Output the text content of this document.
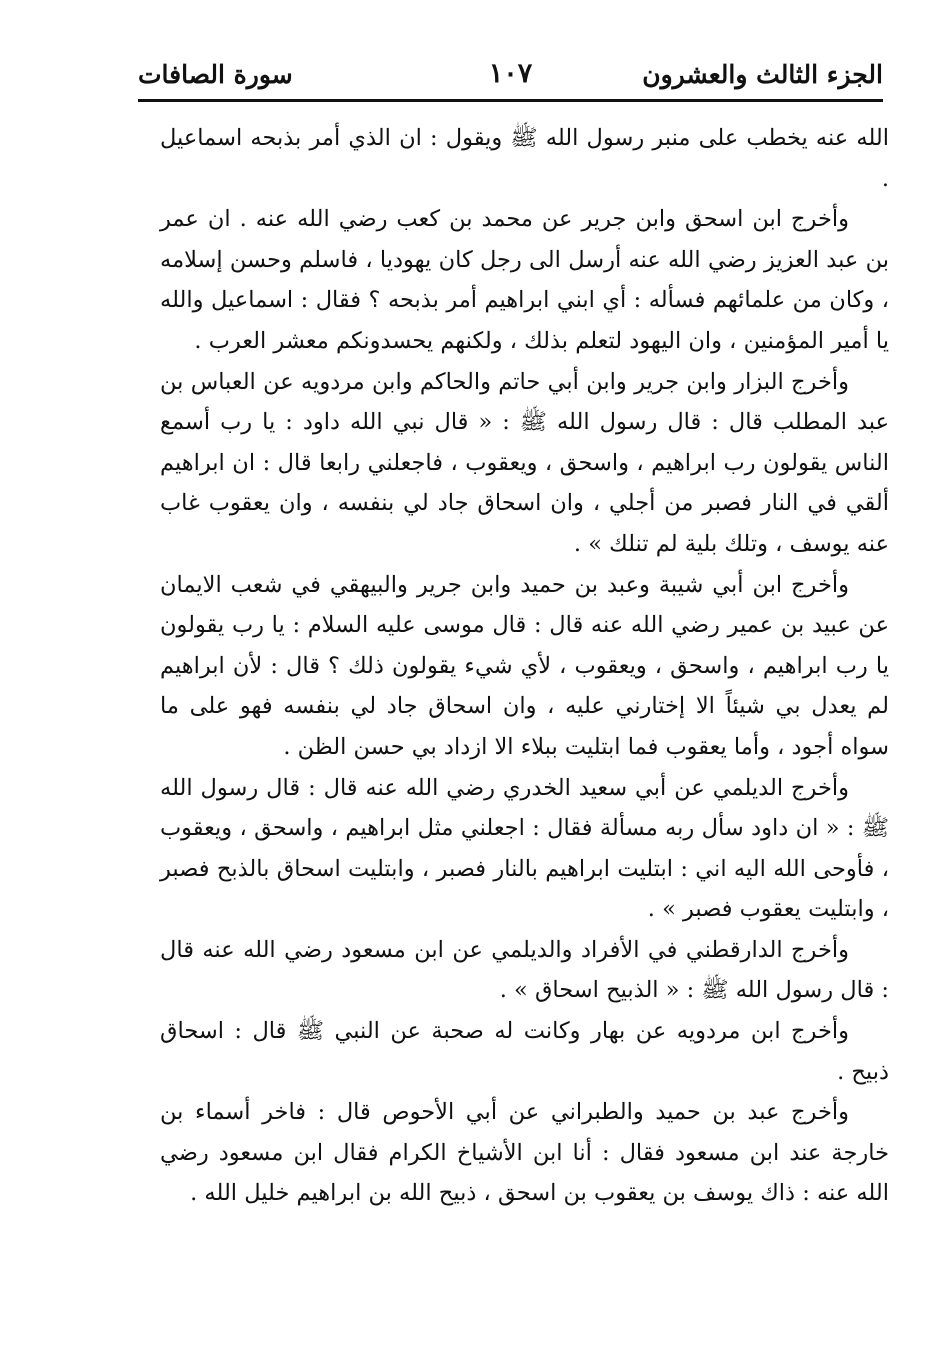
الجزء الثالث والعشرون
١٠٧
سورة الصافات

الله عنه يخطب على منبر رسول الله ﷺ ويقول : ان الذي أمر بذبحه اسماعيل .

وأخرج ابن اسحق وابن جرير عن محمد بن كعب رضي الله عنه . ان عمر بن عبد العزيز رضي الله عنه أرسل الى رجل كان يهوديا ، فاسلم وحسن إسلامه ، وكان من علمائهم فسأله : أي ابني ابراهيم أمر بذبحه ؟ فقال : اسماعيل والله يا أمير المؤمنين ، وان اليهود لتعلم بذلك ، ولكنهم يحسدونكم معشر العرب .

وأخرج البزار وابن جرير وابن أبي حاتم والحاكم وابن مردويه عن العباس بن عبد المطلب قال : قال رسول الله ﷺ : « قال نبي الله داود : يا رب أسمع الناس يقولون رب ابراهيم ، واسحق ، ويعقوب ، فاجعلني رابعا قال : ان ابراهيم ألقي في النار فصبر من أجلي ، وان اسحاق جاد لي بنفسه ، وان يعقوب غاب عنه يوسف ، وتلك بلية لم تنلك » .

وأخرج ابن أبي شيبة وعبد بن حميد وابن جرير والبيهقي في شعب الايمان عن عبيد بن عمير رضي الله عنه قال : قال موسى عليه السلام : يا رب يقولون يا رب ابراهيم ، واسحق ، ويعقوب ، لأي شيء يقولون ذلك ؟ قال : لأن ابراهيم لم يعدل بي شيئاً الا إختارني عليه ، وان اسحاق جاد لي بنفسه فهو على ما سواه أجود ، وأما يعقوب فما ابتليت ببلاء الا ازداد بي حسن الظن .

وأخرج الديلمي عن أبي سعيد الخدري رضي الله عنه قال : قال رسول الله ﷺ : « ان داود سأل ربه مسألة فقال : اجعلني مثل ابراهيم ، واسحق ، ويعقوب ، فأوحى الله اليه اني : ابتليت ابراهيم بالنار فصبر ، وابتليت اسحاق بالذبح فصبر ، وابتليت يعقوب فصبر » .

وأخرج الدارقطني في الأفراد والديلمي عن ابن مسعود رضي الله عنه قال : قال رسول الله ﷺ : « الذبيح اسحاق » .

وأخرج ابن مردويه عن بهار وكانت له صحبة عن النبي ﷺ قال : اسحاق ذبيح .

وأخرج عبد بن حميد والطبراني عن أبي الأحوص قال : فاخر أسماء بن خارجة عند ابن مسعود فقال : أنا ابن الأشياخ الكرام فقال ابن مسعود رضي الله عنه : ذاك يوسف بن يعقوب بن اسحق ، ذبيح الله بن ابراهيم خليل الله .
